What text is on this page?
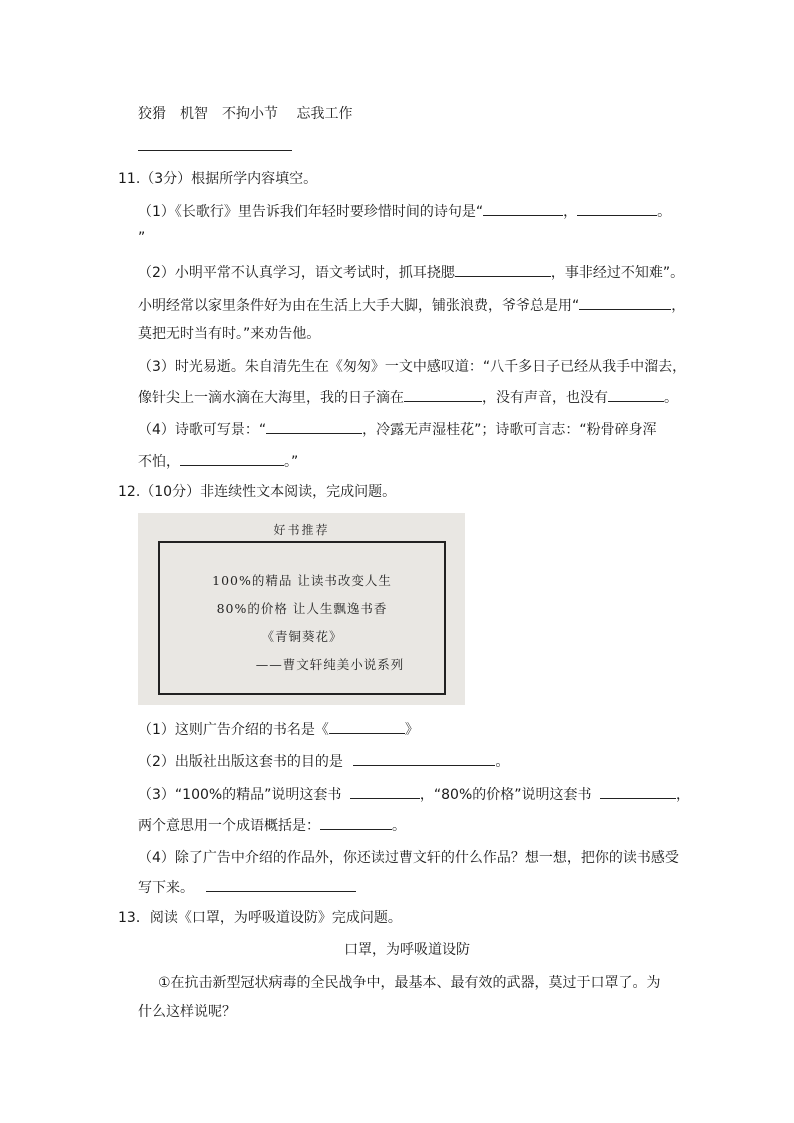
狡猾　机智　不拘小节　 忘我工作
11.（3分）根据所学内容填空。
（1）《长歌行》里告诉我们年轻时要珍惜时间的诗句是“	，	。
”
（2）小明平常不认真学习，语文考试时，抓耳挠腮	，事非经过不知难”。
小明经常以家里条件好为由在生活上大手大脚，铺张浪费，爷爷总是用“	，
莫把无时当有时。”来劝告他。
（3）时光易逝。朱自清先生在《匆匆》一文中感叹道：“八千多日子已经从我手中溜去，
像针尖上一滴水滴在大海里，我的日子滴在	，没有声音，也没有	。
（4）诗歌可写景：“	，冷露无声湿桂花”；诗歌可言志：“粉骨碎身浑
不怕，	。”
12.（10分）非连续性文本阅读，完成问题。
好书推荐
100%的精品 让读书改变人生
80%的价格 让人生飘逸书香
《青铜葵花》
——曹文轩纯美小说系列
（1）这则广告介绍的书名是《	》
（2）出版社出版这套书的目的是	。
（3）“100%的精品”说明这套书	，“80%的价格”说明这套书	，
两个意思用一个成语概括是：	。
（4）除了广告中介绍的作品外，你还读过曹文轩的什么作品？想一想，把你的读书感受
写下来。
13．阅读《口罩，为呼吸道设防》完成问题。
口罩，为呼吸道设防
①在抗击新型冠状病毒的全民战争中，最基本、最有效的武器，莫过于口罩了。为
什么这样说呢？
